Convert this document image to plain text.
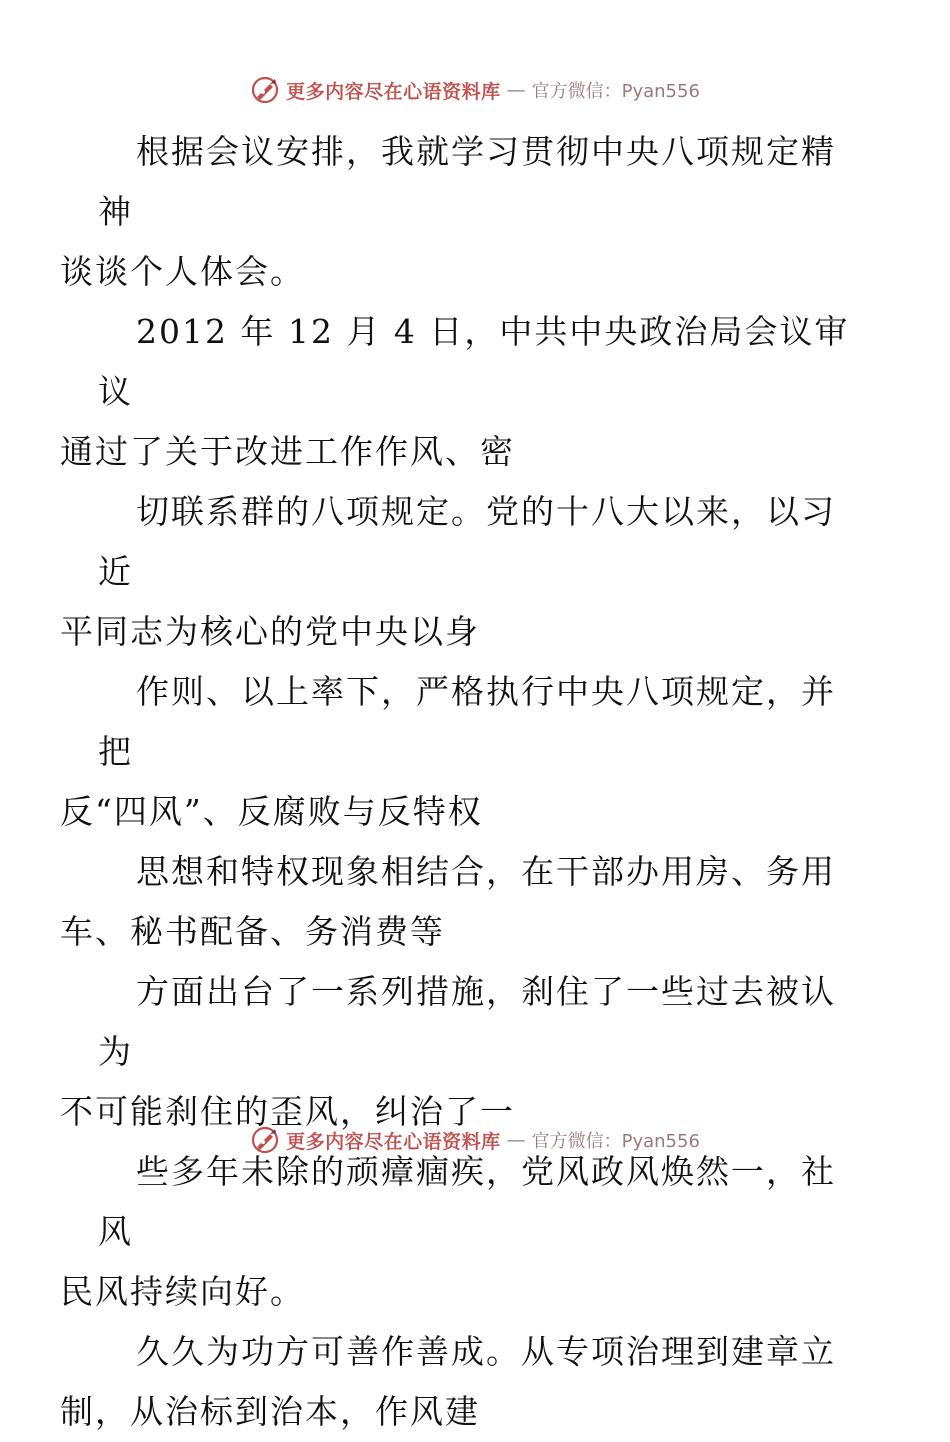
更多内容尽在心语资料库 — 官方微信：Pyan556

根据会议安排，我就学习贯彻中央八项规定精神
谈谈个人体会。

2012 年 12 月 4 日，中共中央政治局会议审议
通过了关于改进工作作风、密

切联系群的八项规定。党的十八大以来，以习近
平同志为核心的党中央以身

作则、以上率下，严格执行中央八项规定，并把
反“四风”、反腐败与反特权

思想和特权现象相结合，在干部办用房、务用
车、秘书配备、务消费等

方面出台了一系列措施，刹住了一些过去被认为
不可能刹住的歪风，纠治了一

些多年未除的顽瘴痼疾，党风政风焕然一，社风
民风持续向好。

久久为功方可善作善成。从专项治理到建章立
制，从治标到治本，作风建

更多内容尽在心语资料库 — 官方微信：Pyan556
